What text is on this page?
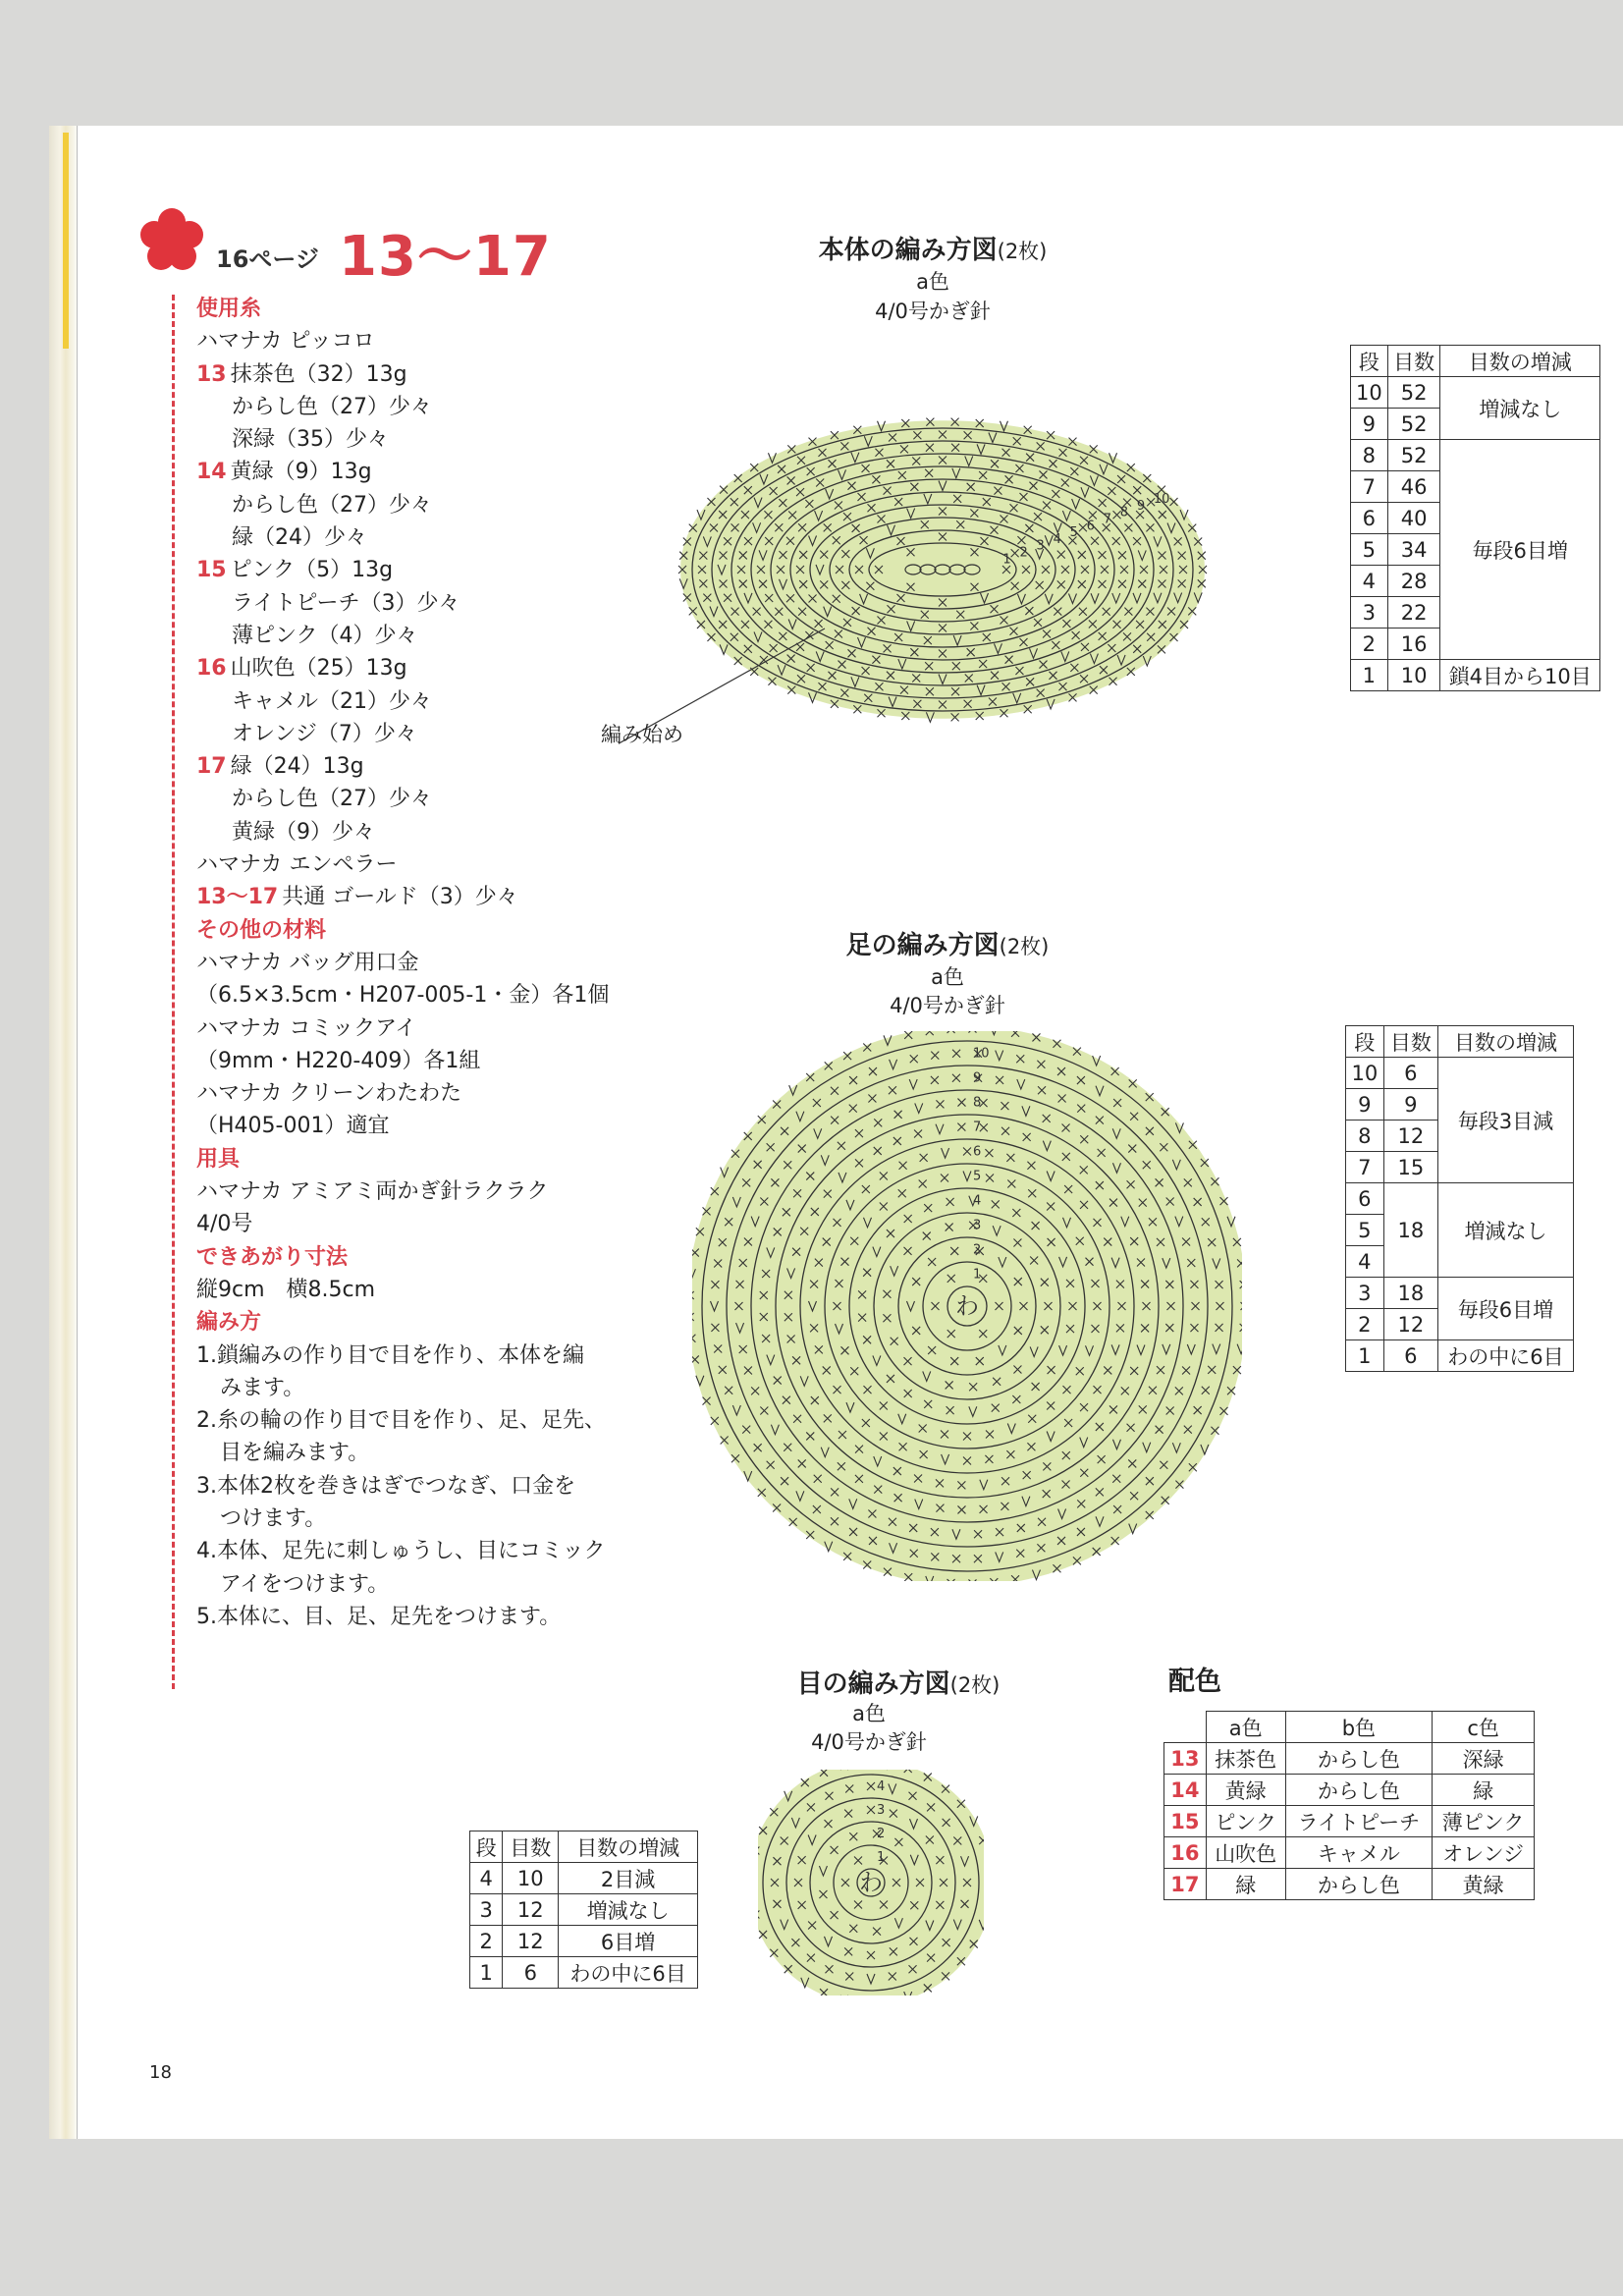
16ページ 13〜17
使用糸
ハマナカ ピッコロ
13 抹茶色（32）13g
からし色（27）少々
深緑（35）少々
14 黄緑（9）13g
からし色（27）少々
緑（24）少々
15 ピンク（5）13g
ライトピーチ（3）少々
薄ピンク（4）少々
16 山吹色（25）13g
キャメル（21）少々
オレンジ（7）少々
17 緑（24）13g
からし色（27）少々
黄緑（9）少々
ハマナカ エンペラー
13〜17 共通 ゴールド（3）少々
その他の材料
ハマナカ バッグ用口金
（6.5×3.5cm・H207-005-1・金）各1個
ハマナカ コミックアイ
（9mm・H220-409）各1組
ハマナカ クリーンわたわた
（H405-001）適宜
用具
ハマナカ アミアミ両かぎ針ラクラク
4/0号
できあがり寸法
縦9cm　横8.5cm
編み方
1.鎖編みの作り目で目を作り、本体を編
みます。
2.糸の輪の作り目で目を作り、足、足先、
目を編みます。
3.本体2枚を巻きはぎでつなぎ、口金を
つけます。
4.本体、足先に刺しゅうし、目にコミック
アイをつけます。
5.本体に、目、足、足先をつけます。
本体の編み方図(2枚)
a色
4/0号かぎ針
1 2 3 4 5 6 7 8 9 10
編み始め
段	目数	目数の増減
10	52	増減なし
9	52	
8	52	毎段6目増
7	46	
6	40	
5	34	
4	28	
3	22	
2	16	
1	10	鎖4目から10目
足の編み方図(2枚)
a色
4/0号かぎ針
1
2
3
4
5
6
7
8
9
10
わ
段	目数	目数の増減
10	6	毎段3目減
9	9	
8	12	
7	15	
6	18	増減なし
5		
4		
3	18	毎段6目増
2	12	
1	6	わの中に6目
目の編み方図(2枚)
a色
4/0号かぎ針
1
2
3
4
わ
段	目数	目数の増減
4	10	2目減
3	12	増減なし
2	12	6目増
1	6	わの中に6目
配色
	a色	b色	c色
13	抹茶色	からし色	深緑
14	黄緑	からし色	緑
15	ピンク	ライトピーチ	薄ピンク
16	山吹色	キャメル	オレンジ
17	緑	からし色	黄緑
18
